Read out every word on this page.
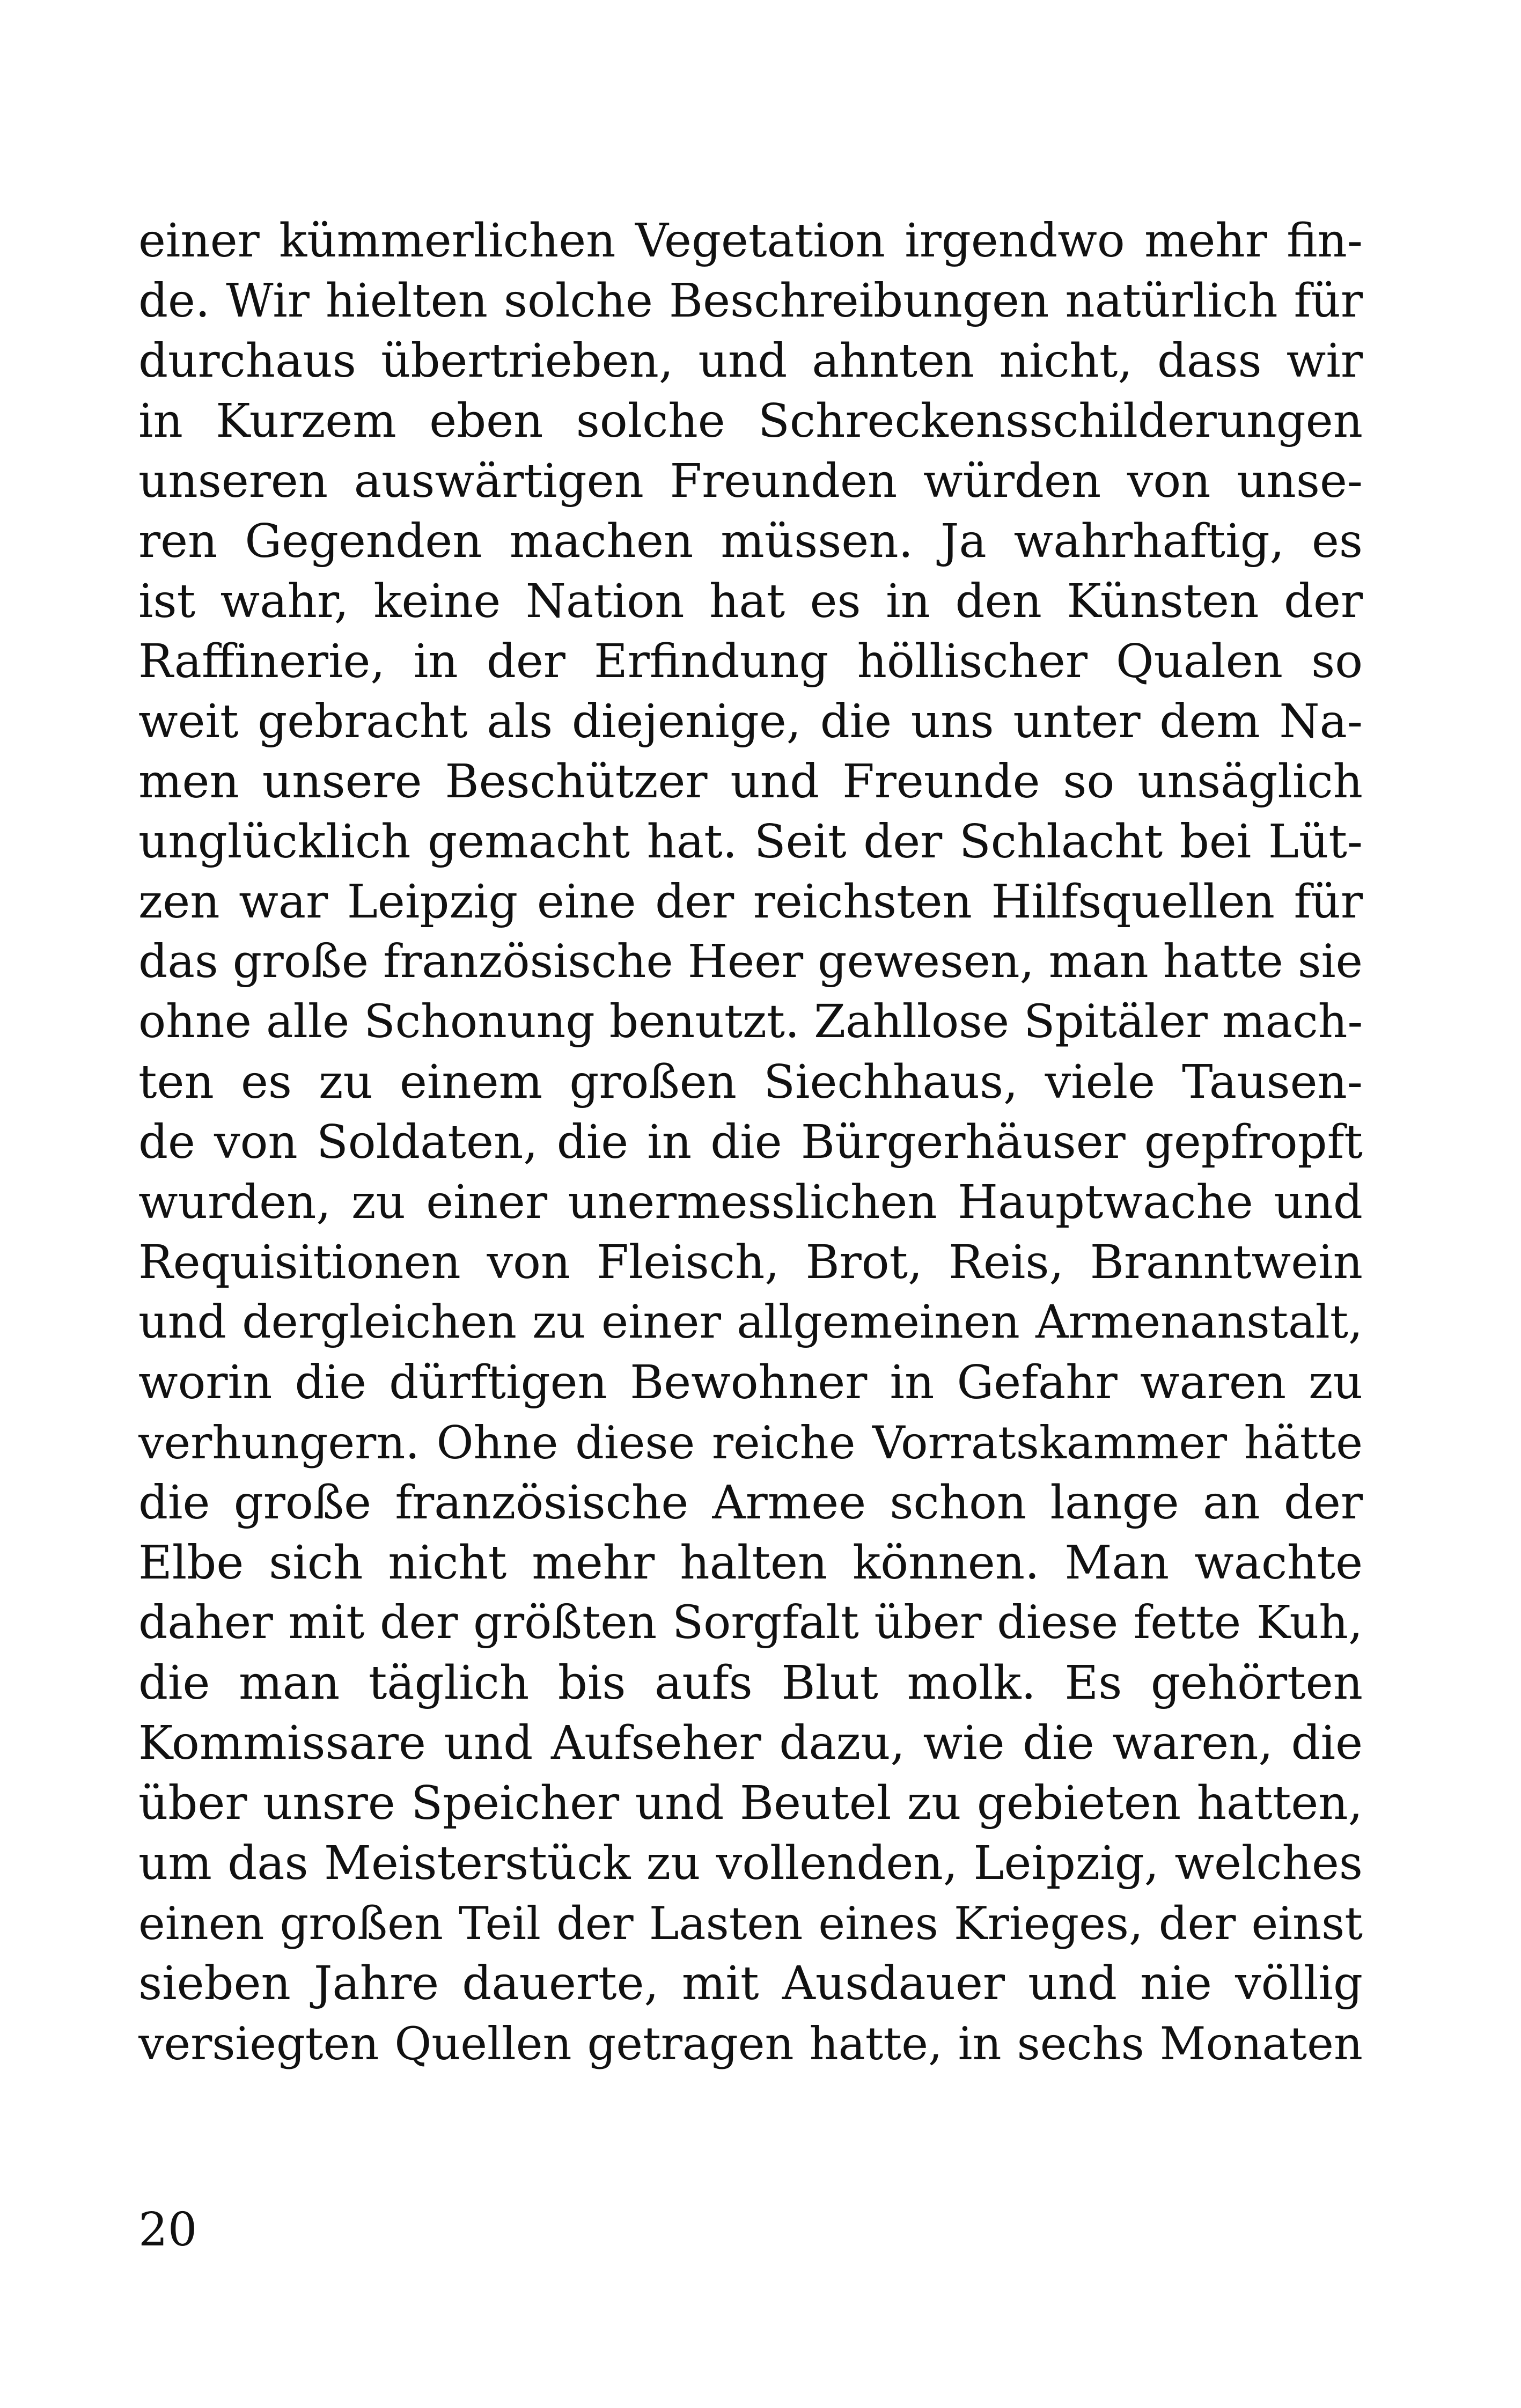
einer kümmerlichen Vegetation irgendwo mehr fin-
de. Wir hielten solche Beschreibungen natürlich für
durchaus übertrieben, und ahnten nicht, dass wir
in Kurzem eben solche Schreckensschilderungen
unseren auswärtigen Freunden würden von unse-
ren Gegenden machen müssen. Ja wahrhaftig, es
ist wahr, keine Nation hat es in den Künsten der
Raffinerie, in der Erfindung höllischer Qualen so
weit gebracht als diejenige, die uns unter dem Na-
men unsere Beschützer und Freunde so unsäglich
unglücklich gemacht hat. Seit der Schlacht bei Lüt-
zen war Leipzig eine der reichsten Hilfsquellen für
das große französische Heer gewesen, man hatte sie
ohne alle Schonung benutzt. Zahllose Spitäler mach-
ten es zu einem großen Siechhaus, viele Tausen-
de von Soldaten, die in die Bürgerhäuser gepfropft
wurden, zu einer unermesslichen Hauptwache und
Requisitionen von Fleisch, Brot, Reis, Branntwein
und dergleichen zu einer allgemeinen Armenanstalt,
worin die dürftigen Bewohner in Gefahr waren zu
verhungern. Ohne diese reiche Vorratskammer hätte
die große französische Armee schon lange an der
Elbe sich nicht mehr halten können. Man wachte
daher mit der größten Sorgfalt über diese fette Kuh,
die man täglich bis aufs Blut molk. Es gehörten
Kommissare und Aufseher dazu, wie die waren, die
über unsre Speicher und Beutel zu gebieten hatten,
um das Meisterstück zu vollenden, Leipzig, welches
einen großen Teil der Lasten eines Krieges, der einst
sieben Jahre dauerte, mit Ausdauer und nie völlig
versiegten Quellen getragen hatte, in sechs Monaten

20
